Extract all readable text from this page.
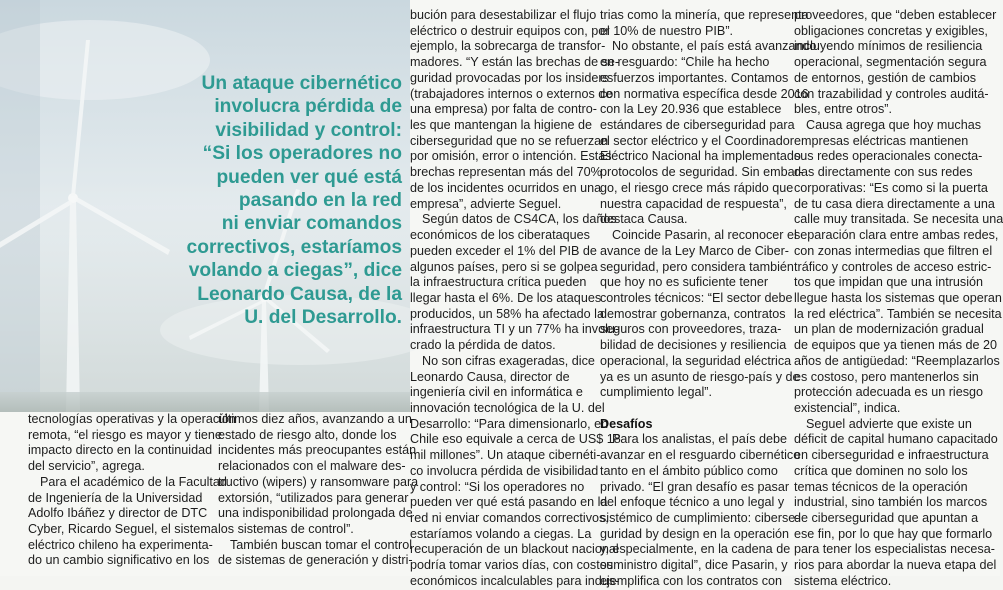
Un ataque cibernético
involucra pérdida de
visibilidad y control:
“Si los operadores no
pueden ver qué está
pasando en la red
ni enviar comandos
correctivos, estaríamos
volando a ciegas”, dice
Leonardo Causa, de la
U. del Desarrollo.
tecnologías operativas y la operación
remota, “el riesgo es mayor y tiene
impacto directo en la continuidad
del servicio”, agrega.
Para el académico de la Facultad
de Ingeniería de la Universidad
Adolfo Ibáñez y director de DTC
Cyber, Ricardo Seguel, el sistema
eléctrico chileno ha experimenta-
do un cambio significativo en los
últimos diez años, avanzando a un
estado de riesgo alto, donde los
incidentes más preocupantes están
relacionados con el malware des-
tructivo (wipers) y ransomware para
extorsión, “utilizados para generar
una indisponibilidad prolongada de
los sistemas de control”.
También buscan tomar el control
de sistemas de generación y distri-
bución para desestabilizar el flujo
eléctrico o destruir equipos con, por
ejemplo, la sobrecarga de transfor-
madores. “Y están las brechas de se-
guridad provocadas por los insiders
(trabajadores internos o externos de
una empresa) por falta de contro-
les que mantengan la higiene de
ciberseguridad que no se refuerzan
por omisión, error o intención. Estas
brechas representan más del 70%
de los incidentes ocurridos en una
empresa”, advierte Seguel.
Según datos de CS4CA, los daños
económicos de los ciberataques
pueden exceder el 1% del PIB de
algunos países, pero si se golpea
la infraestructura crítica pueden
llegar hasta el 6%. De los ataques
producidos, un 58% ha afectado la
infraestructura TI y un 77% ha involu-
crado la pérdida de datos.
No son cifras exageradas, dice
Leonardo Causa, director de
ingeniería civil en informática e
innovación tecnológica de la U. del
Desarrollo: “Para dimensionarlo, en
Chile eso equivale a cerca de US$ 18
mil millones”. Un ataque cibernéti-
co involucra pérdida de visibilidad
y control: “Si los operadores no
pueden ver qué está pasando en la
red ni enviar comandos correctivos,
estaríamos volando a ciegas. La
recuperación de un blackout nacional
podría tomar varios días, con costos
económicos incalculables para indus-
trias como la minería, que representa
el 10% de nuestro PIB”.
No obstante, el país está avanzando
en resguardo: “Chile ha hecho
esfuerzos importantes. Contamos
con normativa específica desde 2016
con la Ley 20.936 que establece
estándares de ciberseguridad para
el sector eléctrico y el Coordinador
Eléctrico Nacional ha implementado
protocolos de seguridad. Sin embar-
go, el riesgo crece más rápido que
nuestra capacidad de respuesta”,
destaca Causa.
Coincide Pasarin, al reconocer el
avance de la Ley Marco de Ciber-
seguridad, pero considera también
que hoy no es suficiente tener
controles técnicos: “El sector debe
demostrar gobernanza, contratos
seguros con proveedores, traza-
bilidad de decisiones y resiliencia
operacional, la seguridad eléctrica
ya es un asunto de riesgo-país y de
cumplimiento legal”.

Desafíos
Para los analistas, el país debe
avanzar en el resguardo cibernético
tanto en el ámbito público como
privado. “El gran desafío es pasar
del enfoque técnico a uno legal y
sistémico de cumplimiento: ciberse-
guridad by design en la operación
y, especialmente, en la cadena de
suministro digital”, dice Pasarin, y
ejemplifica con los contratos con
proveedores, que “deben establecer
obligaciones concretas y exigibles,
incluyendo mínimos de resiliencia
operacional, segmentación segura
de entornos, gestión de cambios
con trazabilidad y controles auditá-
bles, entre otros”.
Causa agrega que hoy muchas
empresas eléctricas mantienen
sus redes operacionales conecta-
das directamente con sus redes
corporativas: “Es como si la puerta
de tu casa diera directamente a una
calle muy transitada. Se necesita una
separación clara entre ambas redes,
con zonas intermedias que filtren el
tráfico y controles de acceso estric-
tos que impidan que una intrusión
llegue hasta los sistemas que operan
la red eléctrica”. También se necesita
un plan de modernización gradual
de equipos que ya tienen más de 20
años de antigüedad: “Reemplazarlos
es costoso, pero mantenerlos sin
protección adecuada es un riesgo
existencial”, indica.
Seguel advierte que existe un
déficit de capital humano capacitado
en ciberseguridad e infraestructura
crítica que dominen no solo los
temas técnicos de la operación
industrial, sino también los marcos
de ciberseguridad que apuntan a
ese fin, por lo que hay que formarlo
para tener los especialistas necesa-
rios para abordar la nueva etapa del
sistema eléctrico.
